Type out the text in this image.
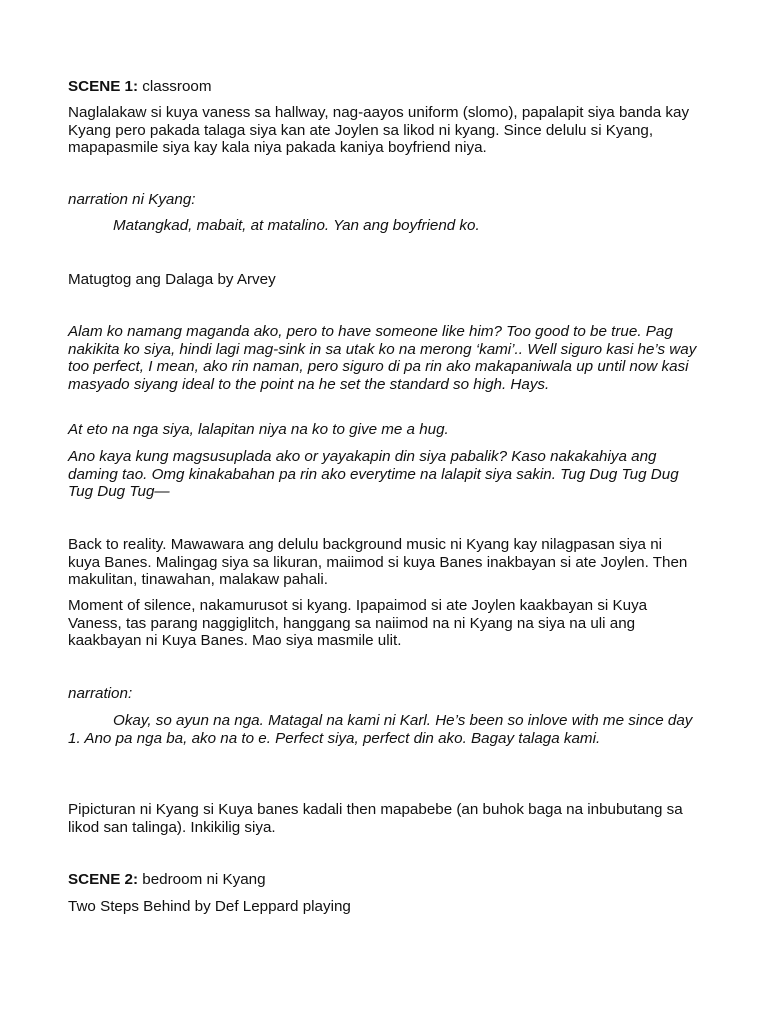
SCENE 1: classroom

Naglalakaw si kuya vaness sa hallway, nag-aayos uniform (slomo), papalapit siya banda kay Kyang pero pakada talaga siya kan ate Joylen sa likod ni kyang. Since delulu si Kyang, mapapasmile siya kay kala niya pakada kaniya boyfriend niya.

narration ni Kyang:

Matangkad, mabait, at matalino. Yan ang boyfriend ko.

Matugtog ang Dalaga by Arvey

Alam ko namang maganda ako, pero to have someone like him? Too good to be true. Pag nakikita ko siya, hindi lagi mag-sink in sa utak ko na merong ‘kami’.. Well siguro kasi he’s way too perfect, I mean, ako rin naman, pero siguro di pa rin ako makapaniwala up until now kasi masyado siyang ideal to the point na he set the standard so high. Hays.

At eto na nga siya, lalapitan niya na ko to give me a hug.

Ano kaya kung magsusuplada ako or yayakapin din siya pabalik? Kaso nakakahiya ang daming tao. Omg kinakabahan pa rin ako everytime na lalapit siya sakin. Tug Dug Tug Dug Tug Dug Tug—

Back to reality. Mawawara ang delulu background music ni Kyang kay nilagpasan siya ni kuya Banes. Malingag siya sa likuran, maiimod si kuya Banes inakbayan si ate Joylen. Then makulitan, tinawahan, malakaw pahali.

Moment of silence, nakamurusot si kyang. Ipapaimod si ate Joylen kaakbayan si Kuya Vaness, tas parang naggiglitch, hanggang sa naiimod na ni Kyang na siya na uli ang kaakbayan ni Kuya Banes. Mao siya masmile ulit.

narration:

Okay, so ayun na nga. Matagal na kami ni Karl. He’s been so inlove with me since day 1. Ano pa nga ba, ako na to e. Perfect siya, perfect din ako. Bagay talaga kami.

Pipicturan ni Kyang si Kuya banes kadali then mapabebe (an buhok baga na inbubutang sa likod san talinga). Inkikilig siya.

SCENE 2: bedroom ni Kyang

Two Steps Behind by Def Leppard playing
